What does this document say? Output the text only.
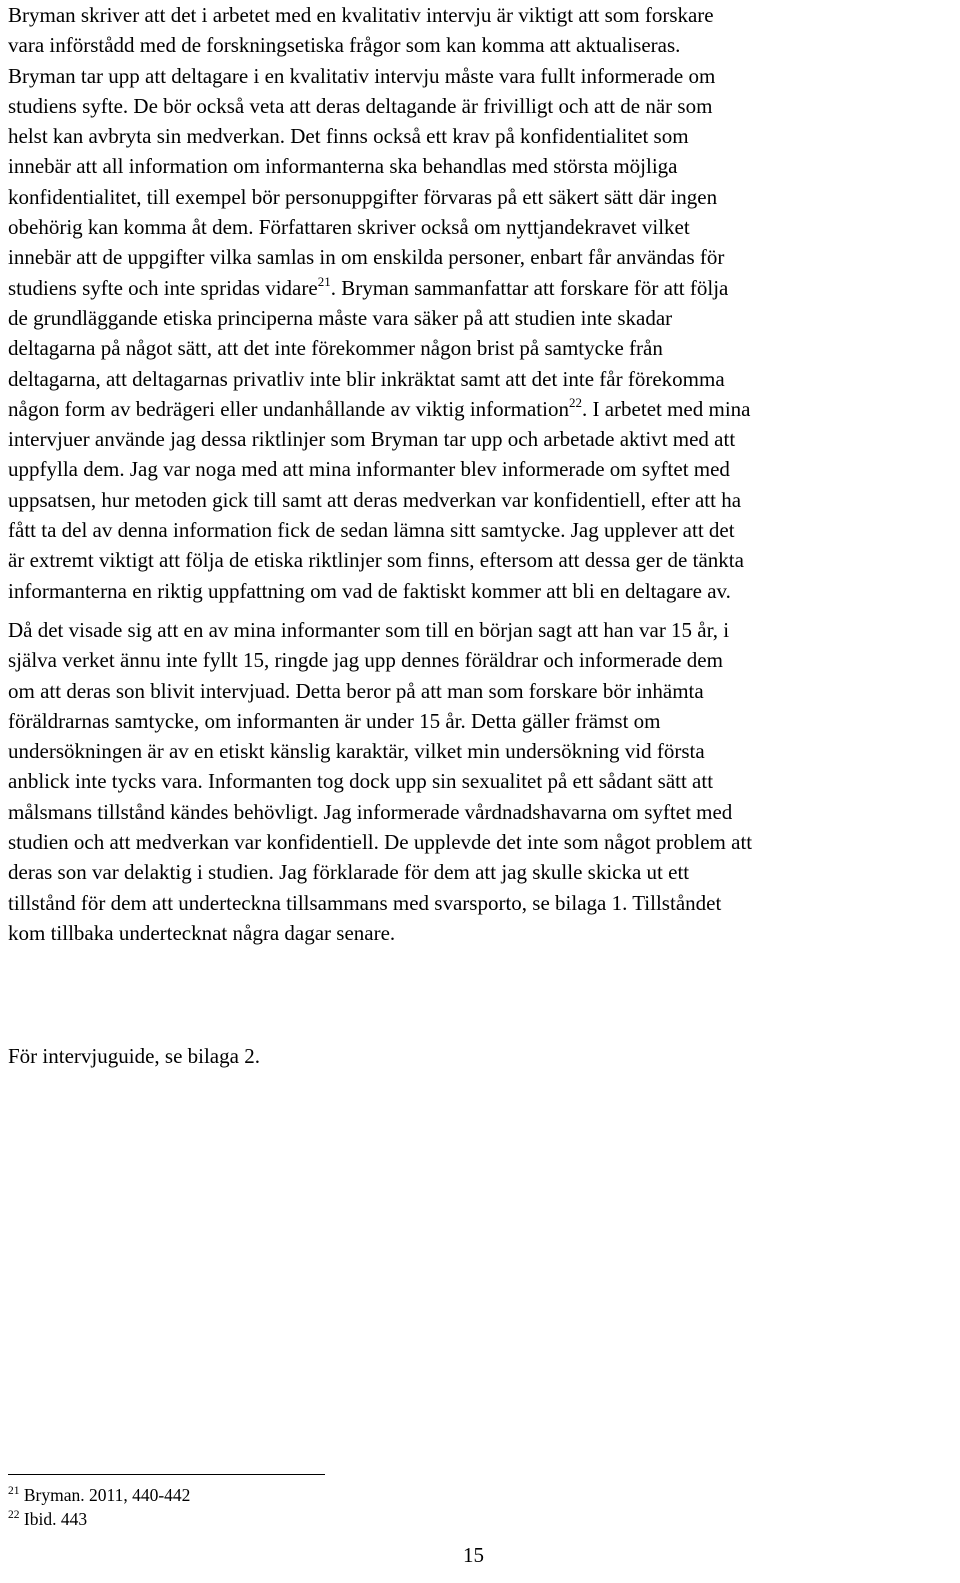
Bryman skriver att det i arbetet med en kvalitativ intervju är viktigt att som forskare
vara införstådd med de forskningsetiska frågor som kan komma att aktualiseras.
Bryman tar upp att deltagare i en kvalitativ intervju måste vara fullt informerade om
studiens syfte. De bör också veta att deras deltagande är frivilligt och att de när som
helst kan avbryta sin medverkan. Det finns också ett krav på konfidentialitet som
innebär att all information om informanterna ska behandlas med största möjliga
konfidentialitet, till exempel bör personuppgifter förvaras på ett säkert sätt där ingen
obehörig kan komma åt dem. Författaren skriver också om nyttjandekravet vilket
innebär att de uppgifter vilka samlas in om enskilda personer, enbart får användas för
studiens syfte och inte spridas vidare$^{21}$. Bryman sammanfattar att forskare för att följa
de grundläggande etiska principerna måste vara säker på att studien inte skadar
deltagarna på något sätt, att det inte förekommer någon brist på samtycke från
deltagarna, att deltagarnas privatliv inte blir inkräktat samt att det inte får förekomma
någon form av bedrägeri eller undanhållande av viktig information$^{22}$. I arbetet med mina
intervjuer använde jag dessa riktlinjer som Bryman tar upp och arbetade aktivt med att
uppfylla dem. Jag var noga med att mina informanter blev informerade om syftet med
uppsatsen, hur metoden gick till samt att deras medverkan var konfidentiell, efter att ha
fått ta del av denna information fick de sedan lämna sitt samtycke. Jag upplever att det
är extremt viktigt att följa de etiska riktlinjer som finns, eftersom att dessa ger de tänkta
informanterna en riktig uppfattning om vad de faktiskt kommer att bli en deltagare av.

Då det visade sig att en av mina informanter som till en början sagt att han var 15 år, i
själva verket ännu inte fyllt 15, ringde jag upp dennes föräldrar och informerade dem
om att deras son blivit intervjuad. Detta beror på att man som forskare bör inhämta
föräldrarnas samtycke, om informanten är under 15 år. Detta gäller främst om
undersökningen är av en etiskt känslig karaktär, vilket min undersökning vid första
anblick inte tycks vara. Informanten tog dock upp sin sexualitet på ett sådant sätt att
målsmans tillstånd kändes behövligt. Jag informerade vårdnadshavarna om syftet med
studien och att medverkan var konfidentiell. De upplevde det inte som något problem att
deras son var delaktig i studien. Jag förklarade för dem att jag skulle skicka ut ett
tillstånd för dem att underteckna tillsammans med svarsporto, se bilaga 1. Tillståndet
kom tillbaka undertecknat några dagar senare.

För intervjuguide, se bilaga 2.

$^{21}$ Bryman. 2011, 440-442
$^{22}$ Ibid. 443
15
